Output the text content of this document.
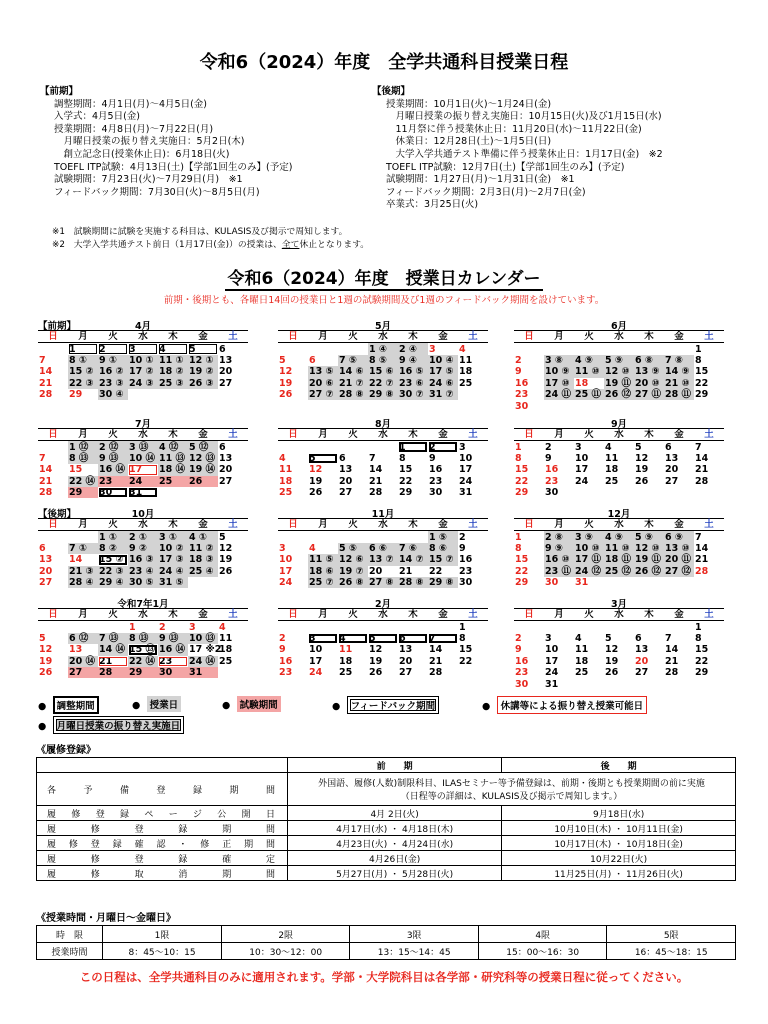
令和6（2024）年度　全学共通科目授業日程
【前期】
調整期間：4月1日(月)～4月5日(金)
入学式：4月5日(金)
授業期間：4月8日(月)～7月22日(月)
　月曜日授業の振り替え実施日：5月2日(木)
　創立記念日(授業休止日)：6月18日(火)
TOEFL ITP試験：4月13日(土)【学部1回生のみ】(予定)
試験期間：7月23日(火)～7月29日(月)　※1
フィードバック期間：7月30日(火)～8月5日(月)
【後期】
授業期間：10月1日(火)～1月24日(金)
　月曜日授業の振り替え実施日：10月15日(火)及び1月15日(水)
　11月祭に伴う授業休止日：11月20日(水)～11月22日(金)
　休業日：12月28日(土)～1月5日(日)
　大学入学共通テスト準備に伴う授業休止日：1月17日(金)　※2
TOEFL ITP試験：12月7日(土)【学部1回生のみ】(予定)
試験期間：1月27日(月)～1月31日(金)　※1
フィードバック期間：2月3日(月)～2月7日(金)
卒業式：3月25日(火)
※1　試験期間に試験を実施する科目は、KULASIS及び掲示で周知します。
※2　大学入学共通テスト前日（1月17日(金)）の授業は、全て休止となります。
令和6（2024）年度　授業日カレンダー
前期・後期とも、各曜日14回の授業日と1週の試験期間及び1週のフィードバック期間を設けています。
【前期】	4月
日	月	火	水	木	金	土
	1	2	3	4	5	6
7	8 ①	9 ①	10 ①	11 ①	12 ①	13
14	15 ②	16 ②	17 ②	18 ②	19 ②	20
21	22 ③	23 ③	24 ③	25 ③	26 ③	27
28	29	30 ④				
5月
日	月	火	水	木	金	土
			1 ④	2 ④	3	4
5	6	7 ⑤	8 ⑤	9 ④	10 ④	11
12	13 ⑤	14 ⑥	15 ⑥	16 ⑤	17 ⑤	18
19	20 ⑥	21 ⑦	22 ⑦	23 ⑥	24 ⑥	25
26	27 ⑦	28 ⑧	29 ⑧	30 ⑦	31 ⑦	
6月
日	月	火	水	木	金	土
						1
2	3 ⑧	4 ⑨	5 ⑨	6 ⑧	7 ⑧	8
9	10 ⑨	11 ⑩	12 ⑩	13 ⑨	14 ⑨	15
16	17 ⑩	18	19 ⑪	20 ⑩	21 ⑩	22
23	24 ⑪	25 ⑪	26 ⑫	27 ⑪	28 ⑪	29
30						
7月
日	月	火	水	木	金	土
	1 ⑫	2 ⑫	3 ⑬	4 ⑫	5 ⑫	6
7	8 ⑬	9 ⑬	10 ⑭	11 ⑬	12 ⑬	13
14	15	16 ⑭	17	18 ⑭	19 ⑭	20
21	22 ⑭	23	24	25	26	27
28	29	30	31			
8月
日	月	火	水	木	金	土
				1	2	3
4	5	6	7	8	9	10
11	12	13	14	15	16	17
18	19	20	21	22	23	24
25	26	27	28	29	30	31
9月
日	月	火	水	木	金	土
1	2	3	4	5	6	7
8	9	10	11	12	13	14
15	16	17	18	19	20	21
22	23	24	25	26	27	28
29	30					
【後期】	10月
日	月	火	水	木	金	土
		1 ①	2 ①	3 ①	4 ①	5
6	7 ①	8 ②	9 ②	10 ②	11 ②	12
13	14	15 ②	16 ③	17 ③	18 ③	19
20	21 ③	22 ③	23 ④	24 ④	25 ④	26
27	28 ④	29 ④	30 ⑤	31 ⑤		
11月
日	月	火	水	木	金	土
					1 ⑤	2
3	4	5 ⑤	6 ⑥	7 ⑥	8 ⑥	9
10	11 ⑤	12 ⑥	13 ⑦	14 ⑦	15 ⑦	16
17	18 ⑥	19 ⑦	20	21	22	23
24	25 ⑦	26 ⑧	27 ⑧	28 ⑧	29 ⑧	30
12月
日	月	火	水	木	金	土
1	2 ⑧	3 ⑨	4 ⑨	5 ⑨	6 ⑨	7
8	9 ⑨	10 ⑩	11 ⑩	12 ⑩	13 ⑩	14
15	16 ⑩	17 ⑪	18 ⑪	19 ⑪	20 ⑪	21
22	23 ⑪	24 ⑫	25 ⑫	26 ⑫	27 ⑫	28
29	30	31				
令和7年1月
日	月	火	水	木	金	土
			1	2	3	4
5	6 ⑫	7 ⑬	8 ⑬	9 ⑬	10 ⑬	11
12	13	14 ⑭	15 ⑬	16 ⑭	17 ※2	18
19	20 ⑭	21	22 ⑭	23	24 ⑭	25
26	27	28	29	30	31	
2月
日	月	火	水	木	金	土
						1
2	3	4	5	6	7	8
9	10	11	12	13	14	15
16	17	18	19	20	21	22
23	24	25	26	27	28	
3月
日	月	火	水	木	金	土
						1
2	3	4	5	6	7	8
9	10	11	12	13	14	15
16	17	18	19	20	21	22
23	24	25	26	27	28	29
30	31					
● 調整期間	● 授業日	● 試験期間	● フィードバック期間	● 休講等による振り替え授業可能日
● 月曜日授業の振り替え実施日
《履修登録》
	前　　期	後　　期
各予備登録期間	外国語、履修(人数)制限科目、ILASセミナー等予備登録は、前期・後期とも授業期間の前に実施
（日程等の詳細は、KULASIS及び掲示で周知します。）	

履修登録ページ公開日	4月 2日(火)	9月18日(水)
履修登録期間	4月17日(水) ・ 4月18日(木)	10月10日(木) ・ 10月11日(金)
履修登録確認・修正期間	4月23日(火) ・ 4月24日(水)	10月17日(木) ・ 10月18日(金)
履修登録確定	4月26日(金)	10月22日(火)
履修取消期間	5月27日(月) ・ 5月28日(火)	11月25日(月) ・ 11月26日(火)
《授業時間・月曜日～金曜日》
時　限	1限	2限	3限	4限	5限
授業時間	8：45～10：15	10：30～12：00	13：15～14：45	15：00～16：30	16：45～18：15
この日程は、全学共通科目のみに適用されます。学部・大学院科目は各学部・研究科等の授業日程に従ってください。
